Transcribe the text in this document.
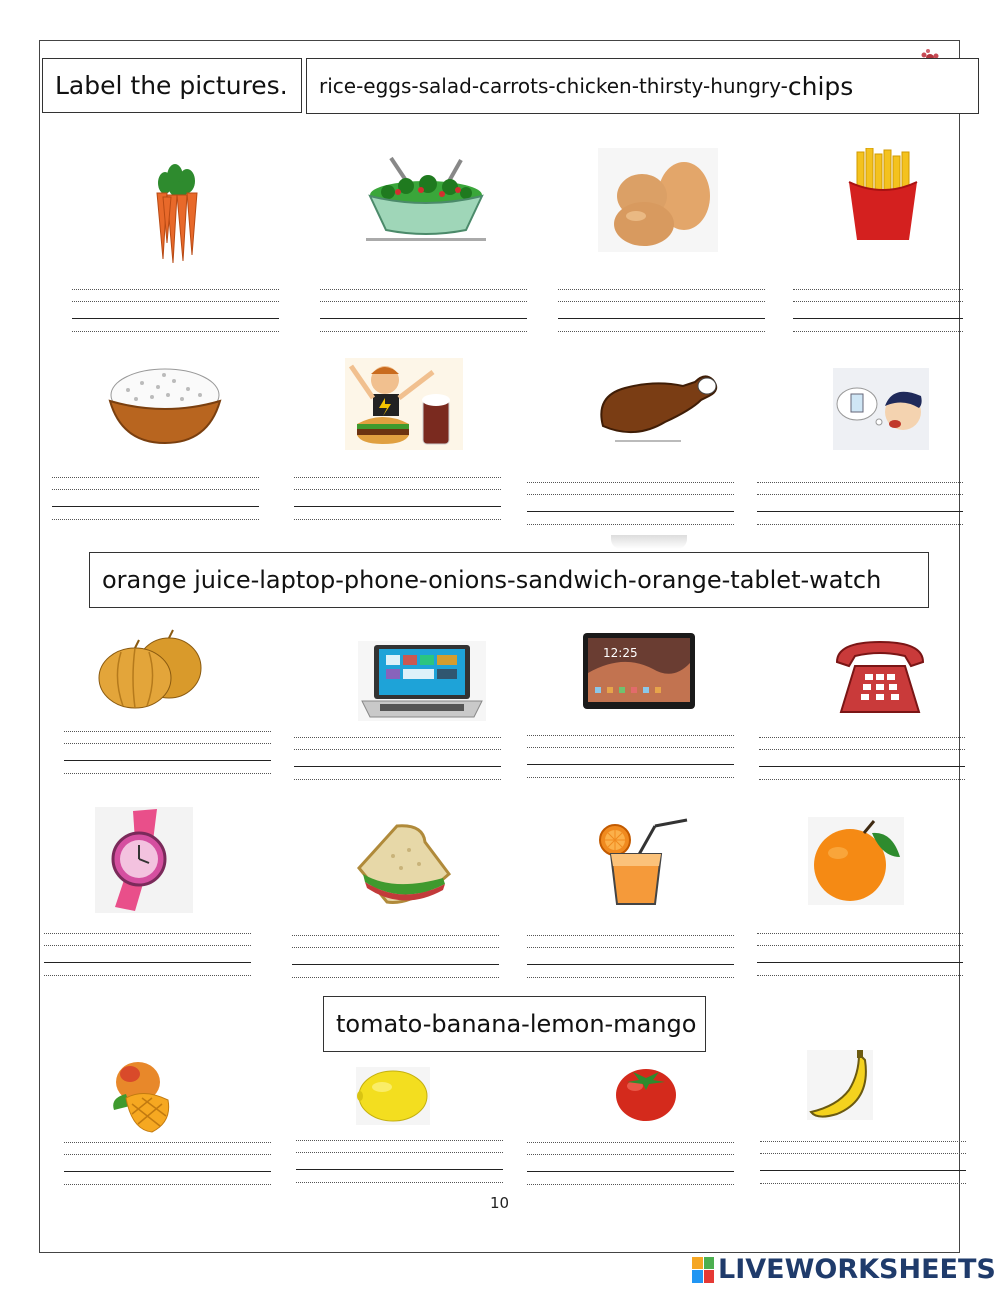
Label the pictures. rice-eggs-salad-carrots-chicken-thirsty-hungry- chips
orange juice-laptop-phone-onions-sandwich-orange-tablet-watch
12:25
tomato-banana-lemon-mango
10
LIVE WORKSHEETS
